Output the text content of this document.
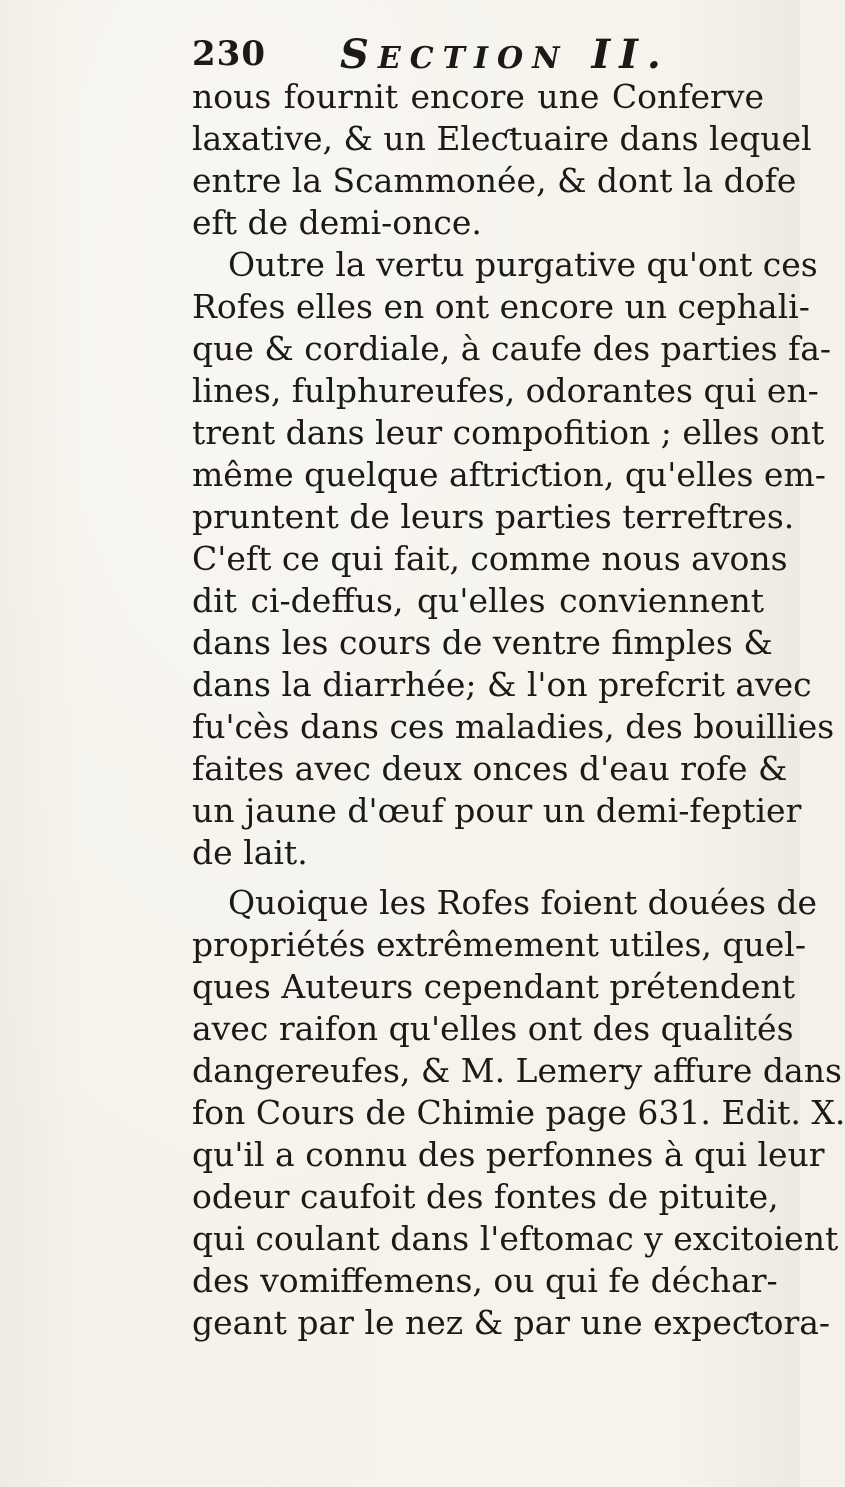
230 SECTION II.
nous fournit encore une Conferve
laxative, & un Eleƈtuaire dans lequel
entre la Scammonée, & dont la dofe
eft de demi-once.
Outre la vertu purgative qu'ont ces
Rofes elles en ont encore un cephali-
que & cordiale, à caufe des parties fa-
lines, fulphureufes, odorantes qui en-
trent dans leur compofition ; elles ont
même quelque aftriƈtion, qu'elles em-
pruntent de leurs parties terreftres.
C'eft ce qui fait, comme nous avons
dit ci-deffus, qu'elles conviennent
dans les cours de ventre fimples &
dans la diarrhée; & l'on prefcrit avec
fu'cès dans ces maladies, des bouillies
faites avec deux onces d'eau rofe &
un jaune d'œuf pour un demi-feptier
de lait.
Quoique les Rofes foient douées de
propriétés extrêmement utiles, quel-
ques Auteurs cependant prétendent
avec raifon qu'elles ont des qualités
dangereufes, & M. Lemery affure dans
fon Cours de Chimie page 631. Edit. X.
qu'il a connu des perfonnes à qui leur
odeur caufoit des fontes de pituite,
qui coulant dans l'eftomac y excitoient
des vomiffemens, ou qui fe déchar-
geant par le nez & par une expeƈtora-
